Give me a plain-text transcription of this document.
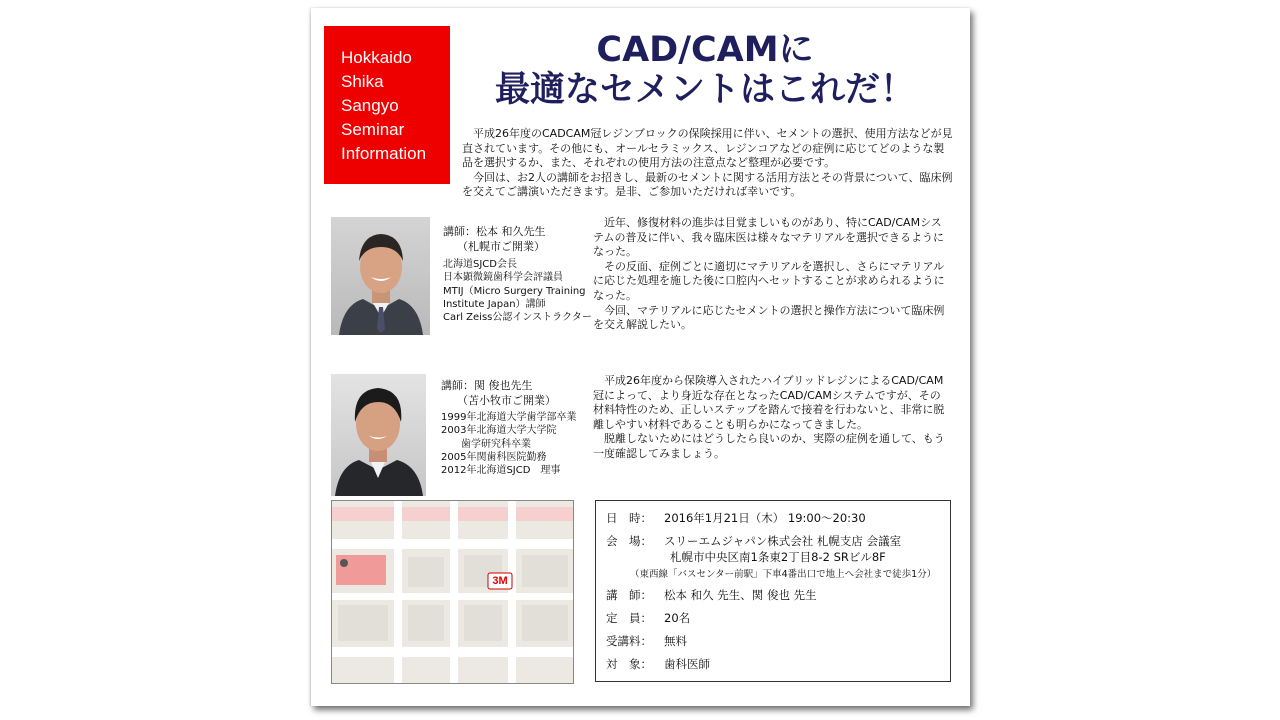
Hokkaido
Shika
Sangyo
Seminar
Information
CAD/CAMに
最適なセメントはこれだ！

平成26年度のCADCAM冠レジンブロックの保険採用に伴い、セメントの選択、使用方法などが見直されています。その他にも、オールセラミックス、レジンコアなどの症例に応じてどのような製品を選択するか、また、それぞれの使用方法の注意点など整理が必要です。

今回は、お2人の講師をお招きし、最新のセメントに関する活用方法とその背景について、臨床例を交えてご講演いただきます。是非、ご参加いただければ幸いです。

講師：松本 和久先生
（札幌市ご開業）
北海道SJCD会長
日本顕微鏡歯科学会評議員
MTIJ（Micro Surgery Training
Institute Japan）講師
Carl Zeiss公認インストラクター

近年、修復材料の進歩は目覚ましいものがあり、特にCAD/CAMシステムの普及に伴い、我々臨床医は様々なマテリアルを選択できるようになった。

その反面、症例ごとに適切にマテリアルを選択し、さらにマテリアルに応じた処理を施した後に口腔内へセットすることが求められるようになった。

今回、マテリアルに応じたセメントの選択と操作方法について臨床例を交え解説したい。

講師：関 俊也先生
（苫小牧市ご開業）
1999年北海道大学歯学部卒業
2003年北海道大学大学院
　　歯学研究科卒業
2005年関歯科医院勤務
2012年北海道SJCD　理事

平成26年度から保険導入されたハイブリッドレジンによるCAD/CAM冠によって、より身近な存在となったCAD/CAMシステムですが、その材料特性のため、正しいステップを踏んで接着を行わないと、非常に脱離しやすい材料であることも明らかになってきました。

脱離しないためにはどうしたら良いのか、実際の症例を通して、もう一度確認してみましょう。

3M
日　時： 2016年1月21日（木） 19:00～20:30
会　場： スリーエムジャパン株式会社 札幌支店 会議室
札幌市中央区南1条東2丁目8-2 SRビル8F
（東西線「バスセンター前駅」下車4番出口で地上へ会社まで徒歩1分）
講　師： 松本 和久 先生、関 俊也 先生
定　員： 20名
受講料： 無料
対　象： 歯科医師
